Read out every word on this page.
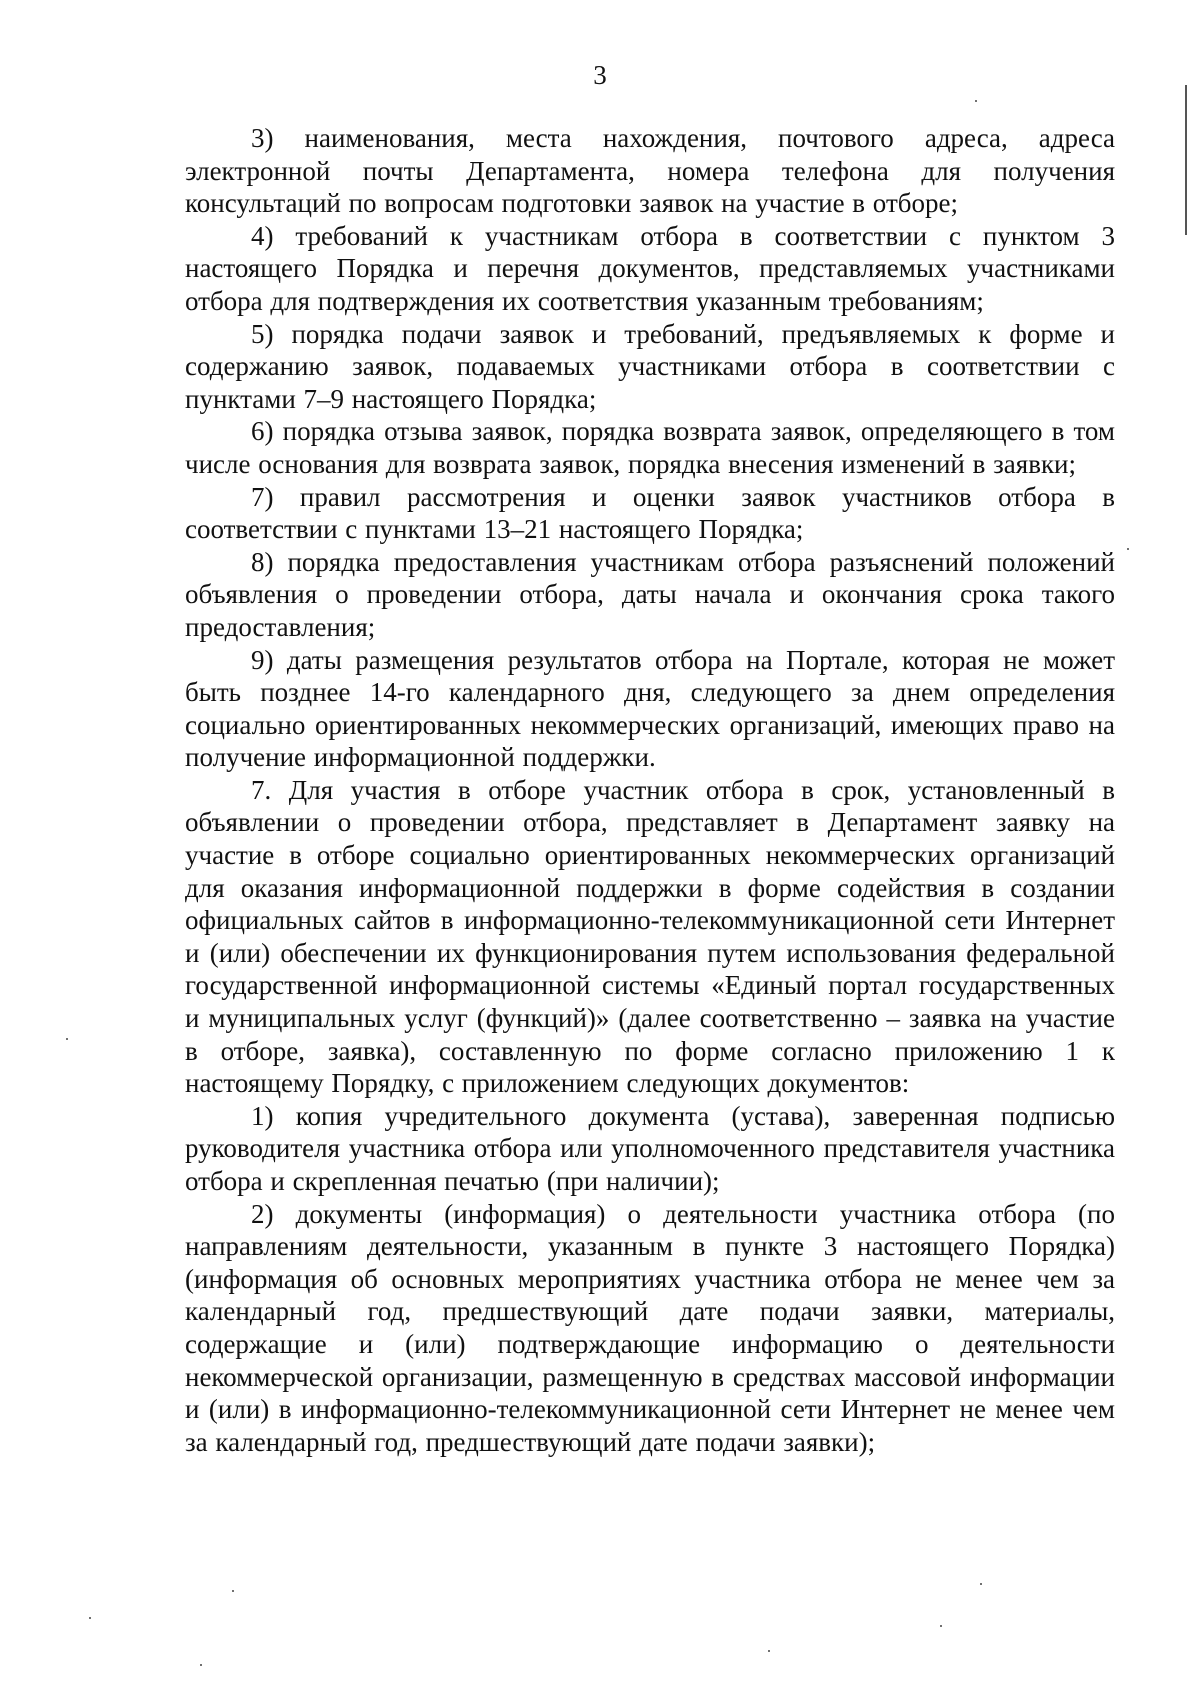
3

3) наименования, места нахождения, почтового адреса, адреса электронной почты Департамента, номера телефона для получения консультаций по вопросам подготовки заявок на участие в отборе;

4) требований к участникам отбора в соответствии с пунктом 3 настоящего Порядка и перечня документов, представляемых участниками отбора для подтверждения их соответствия указанным требованиям;

5) порядка подачи заявок и требований, предъявляемых к форме и содержанию заявок, подаваемых участниками отбора в соответствии с пунктами 7–9 настоящего Порядка;

6) порядка отзыва заявок, порядка возврата заявок, определяющего в том числе основания для возврата заявок, порядка внесения изменений в заявки;

7) правил рассмотрения и оценки заявок участников отбора в соответствии с пунктами 13–21 настоящего Порядка;

8) порядка предоставления участникам отбора разъяснений положений объявления о проведении отбора, даты начала и окончания срока такого предоставления;

9) даты размещения результатов отбора на Портале, которая не может быть позднее 14-го календарного дня, следующего за днем определения социально ориентированных некоммерческих организаций, имеющих право на получение информационной поддержки.

7. Для участия в отборе участник отбора в срок, установленный в объявлении о проведении отбора, представляет в Департамент заявку на участие в отборе социально ориентированных некоммерческих организаций для оказания информационной поддержки в форме содействия в создании официальных сайтов в информационно-телекоммуникационной сети Интернет и (или) обеспечении их функционирования путем использования федеральной государственной информационной системы «Единый портал государственных и муниципальных услуг (функций)» (далее соответственно – заявка на участие в отборе, заявка), составленную по форме согласно приложению 1 к настоящему Порядку, с приложением следующих документов:

1) копия учредительного документа (устава), заверенная подписью руководителя участника отбора или уполномоченного представителя участника отбора и скрепленная печатью (при наличии);

2) документы (информация) о деятельности участника отбора (по направлениям деятельности, указанным в пункте 3 настоящего Порядка) (информация об основных мероприятиях участника отбора не менее чем за календарный год, предшествующий дате подачи заявки, материалы, содержащие и (или) подтверждающие информацию о деятельности некоммерческой организации, размещенную в средствах массовой информации и (или) в информационно-телекоммуникационной сети Интернет не менее чем за календарный год, предшествующий дате подачи заявки);
